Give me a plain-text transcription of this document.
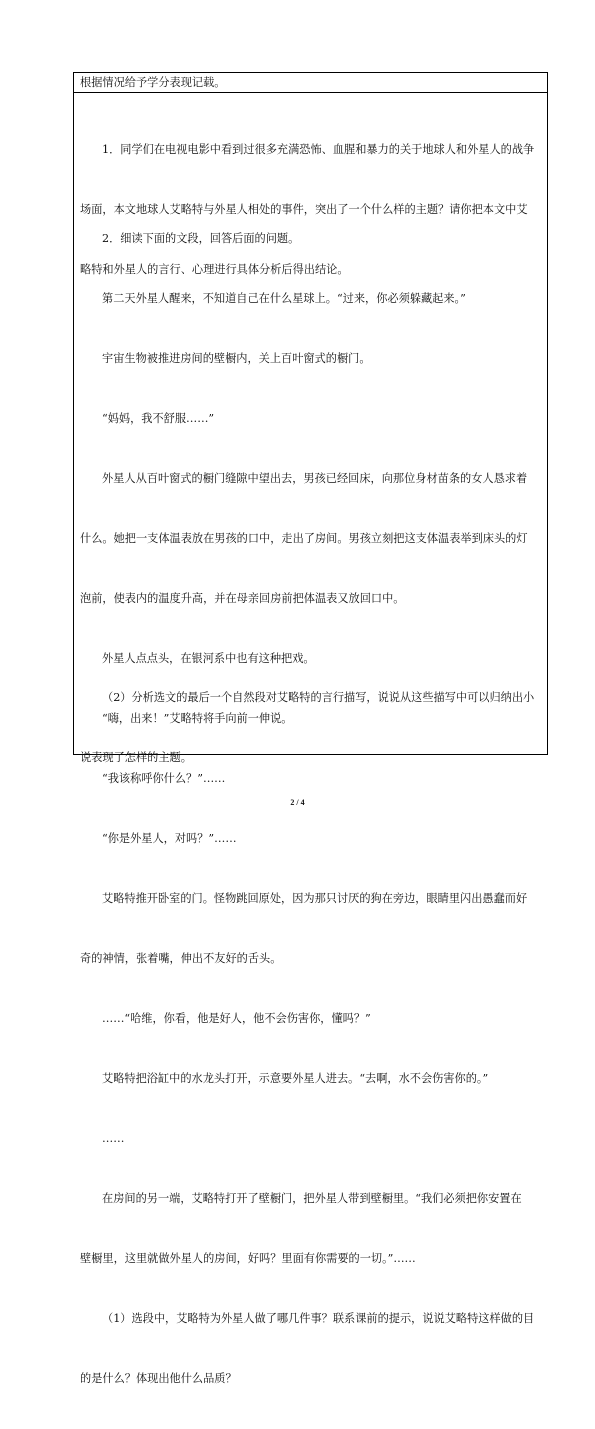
根据情况给予学分表现记载。

1．同学们在电视电影中看到过很多充满恐怖、血腥和暴力的关于地球人和外星人的战争

场面，本文地球人艾略特与外星人相处的事件，突出了一个什么样的主题？请你把本文中艾

略特和外星人的言行、心理进行具体分析后得出结论。

2．细读下面的文段，回答后面的问题。

第二天外星人醒来，不知道自己在什么星球上。“过来，你必须躲藏起来。”

宇宙生物被推进房间的壁橱内，关上百叶窗式的橱门。

“妈妈，我不舒服……”

外星人从百叶窗式的橱门缝隙中望出去，男孩已经回床，向那位身材苗条的女人恳求着

什么。她把一支体温表放在男孩的口中，走出了房间。男孩立刻把这支体温表举到床头的灯

泡前，使表内的温度升高，并在母亲回房前把体温表又放回口中。

外星人点点头，在银河系中也有这种把戏。

“嗨，出来！”艾略特将手向前一伸说。

“我该称呼你什么？”……

“你是外星人，对吗？”……

艾略特推开卧室的门。怪物跳回原处，因为那只讨厌的狗在旁边，眼睛里闪出愚蠢而好

奇的神情，张着嘴，伸出不友好的舌头。

……“哈维，你看，他是好人，他不会伤害你，懂吗？”

艾略特把浴缸中的水龙头打开，示意要外星人进去。“去啊，水不会伤害你的。”

……

在房间的另一端，艾略特打开了壁橱门，把外星人带到壁橱里。“我们必须把你安置在

壁橱里，这里就做外星人的房间，好吗？里面有你需要的一切。”……

（1）选段中，艾略特为外星人做了哪几件事？联系课前的提示，说说艾略特这样做的目

的是什么？体现出他什么品质？

（2）分析选文的最后一个自然段对艾略特的言行描写，说说从这些描写中可以归纳出小

说表现了怎样的主题。

2 / 4
